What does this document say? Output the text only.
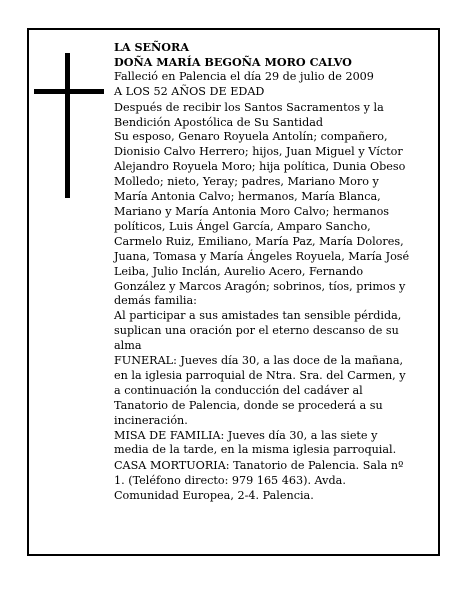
LA SEÑORA

DOÑA MARÍA BEGOÑA MORO CALVO

Falleció en Palencia el día 29 de julio de 2009

A LOS 52 AÑOS DE EDAD

Después de recibir los Santos Sacramentos y la Bendición Apostólica de Su Santidad

Su esposo, Genaro Royuela Antolín; compañero, Dionisio Calvo Herrero; hijos, Juan Miguel y Víctor Alejandro Royuela Moro; hija política, Dunia Obeso Molledo; nieto, Yeray; padres, Mariano Moro y María Antonia Calvo; hermanos, María Blanca, Mariano y María Antonia Moro Calvo; hermanos políticos, Luis Ángel García, Amparo Sancho, Carmelo Ruiz, Emiliano, María Paz, María Dolores, Juana, Tomasa y María Ángeles Royuela, María José Leiba, Julio Inclán, Aurelio Acero, Fernando González y Marcos Aragón; sobrinos, tíos, primos y demás familia:

Al participar a sus amistades tan sensible pérdida, suplican una oración por el eterno descanso de su alma

FUNERAL: Jueves día 30, a las doce de la mañana, en la iglesia parroquial de Ntra. Sra. del Carmen, y a continuación la conducción del cadáver al Tanatorio de Palencia, donde se procederá a su incineración.

MISA DE FAMILIA: Jueves día 30, a las siete y media de la tarde, en la misma iglesia parroquial.

CASA MORTUORIA: Tanatorio de Palencia. Sala nº 1. (Teléfono directo: 979 165 463). Avda. Comunidad Europea, 2-4. Palencia.
